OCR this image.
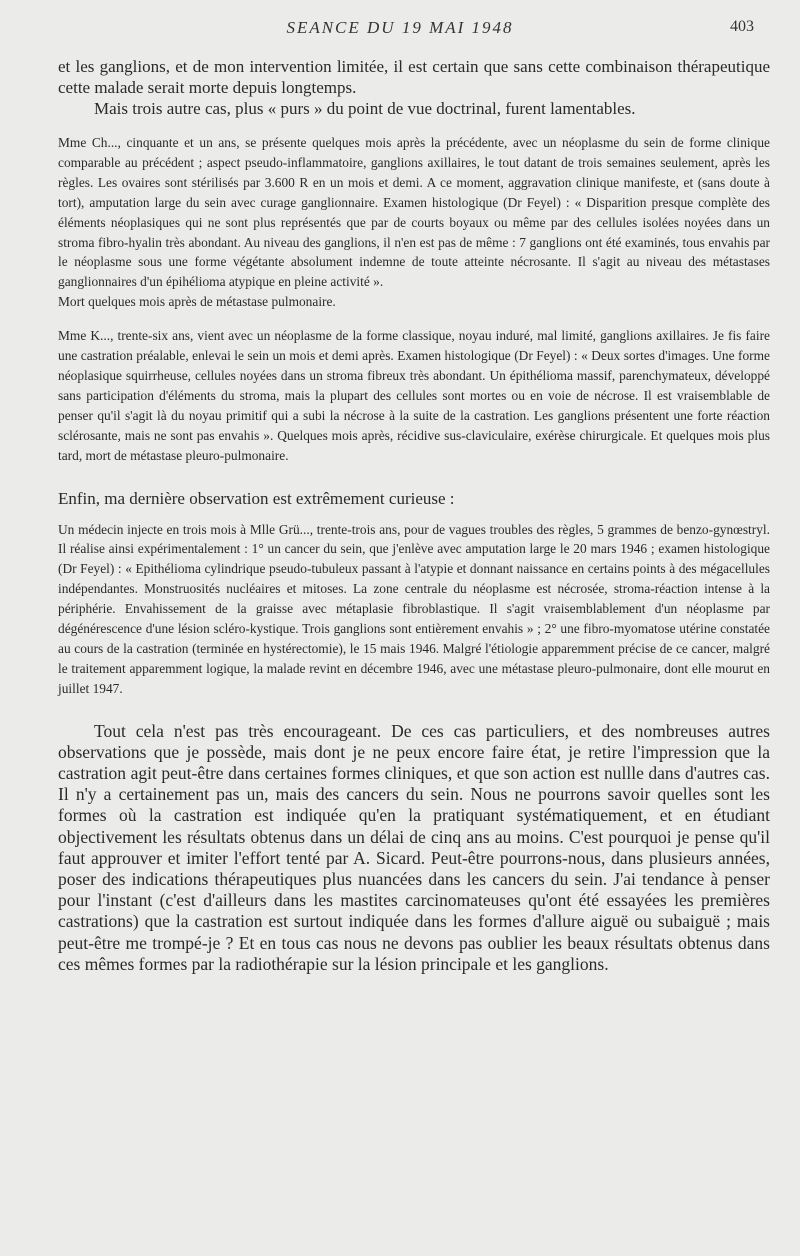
SEANCE DU 19 MAI 1948	403

et les ganglions, et de mon intervention limitée, il est certain que sans cette combinaison thérapeutique cette malade serait morte depuis longtemps.

Mais trois autre cas, plus « purs » du point de vue doctrinal, furent lamentables.

Mme Ch..., cinquante et un ans, se présente quelques mois après la précédente, avec un néoplasme du sein de forme clinique comparable au précédent ; aspect pseudo-inflammatoire, ganglions axillaires, le tout datant de trois semaines seulement, après les règles. Les ovaires sont stérilisés par 3.600 R en un mois et demi. A ce moment, aggravation clinique manifeste, et (sans doute à tort), amputation large du sein avec curage ganglionnaire. Examen histologique (Dr Feyel) : « Disparition presque complète des éléments néoplasiques qui ne sont plus représentés que par de courts boyaux ou même par des cellules isolées noyées dans un stroma fibro-hyalin très abondant. Au niveau des ganglions, il n'en est pas de même : 7 ganglions ont été examinés, tous envahis par le néoplasme sous une forme végétante absolument indemne de toute atteinte nécrosante. Il s'agit au niveau des métastases ganglionnaires d'un épihélioma atypique en pleine activité ».

Mort quelques mois après de métastase pulmonaire.

Mme K..., trente-six ans, vient avec un néoplasme de la forme classique, noyau induré, mal limité, ganglions axillaires. Je fis faire une castration préalable, enlevai le sein un mois et demi après. Examen histologique (Dr Feyel) : « Deux sortes d'images. Une forme néoplasique squirrheuse, cellules noyées dans un stroma fibreux très abondant. Un épithélioma massif, parenchymateux, développé sans participation d'éléments du stroma, mais la plupart des cellules sont mortes ou en voie de nécrose. Il est vraisemblable de penser qu'il s'agit là du noyau primitif qui a subi la nécrose à la suite de la castration. Les ganglions présentent une forte réaction sclérosante, mais ne sont pas envahis ». Quelques mois après, récidive sus-claviculaire, exérèse chirurgicale. Et quelques mois plus tard, mort de métastase pleuro-pulmonaire.

Enfin, ma dernière observation est extrêmement curieuse :

Un médecin injecte en trois mois à Mlle Grü..., trente-trois ans, pour de vagues troubles des règles, 5 grammes de benzo-gynœstryl. Il réalise ainsi expérimentalement : 1° un cancer du sein, que j'enlève avec amputation large le 20 mars 1946 ; examen histologique (Dr Feyel) : « Epithélioma cylindrique pseudo-tubuleux passant à l'atypie et donnant naissance en certains points à des mégacellules indépendantes. Monstruosités nucléaires et mitoses. La zone centrale du néoplasme est nécrosée, stroma-réaction intense à la périphérie. Envahissement de la graisse avec métaplasie fibroblastique. Il s'agit vraisemblablement d'un néoplasme par dégénérescence d'une lésion scléro-kystique. Trois ganglions sont entièrement envahis » ; 2° une fibro-myomatose utérine constatée au cours de la castration (terminée en hystérectomie), le 15 mais 1946. Malgré l'étiologie apparemment précise de ce cancer, malgré le traitement apparemment logique, la malade revint en décembre 1946, avec une métastase pleuro-pulmonaire, dont elle mourut en juillet 1947.

Tout cela n'est pas très encourageant. De ces cas particuliers, et des nombreuses autres observations que je possède, mais dont je ne peux encore faire état, je retire l'impression que la castration agit peut-être dans certaines formes cliniques, et que son action est nullle dans d'autres cas. Il n'y a certainement pas un, mais des cancers du sein. Nous ne pourrons savoir quelles sont les formes où la castration est indiquée qu'en la pratiquant systématiquement, et en étudiant objectivement les résultats obtenus dans un délai de cinq ans au moins. C'est pourquoi je pense qu'il faut approuver et imiter l'effort tenté par A. Sicard. Peut-être pourrons-nous, dans plusieurs années, poser des indications thérapeutiques plus nuancées dans les cancers du sein. J'ai tendance à penser pour l'instant (c'est d'ailleurs dans les mastites carcinomateuses qu'ont été essayées les premières castrations) que la castration est surtout indiquée dans les formes d'allure aiguë ou subaiguë ; mais peut-être me trompé-je ? Et en tous cas nous ne devons pas oublier les beaux résultats obtenus dans ces mêmes formes par la radiothérapie sur la lésion principale et les ganglions.
